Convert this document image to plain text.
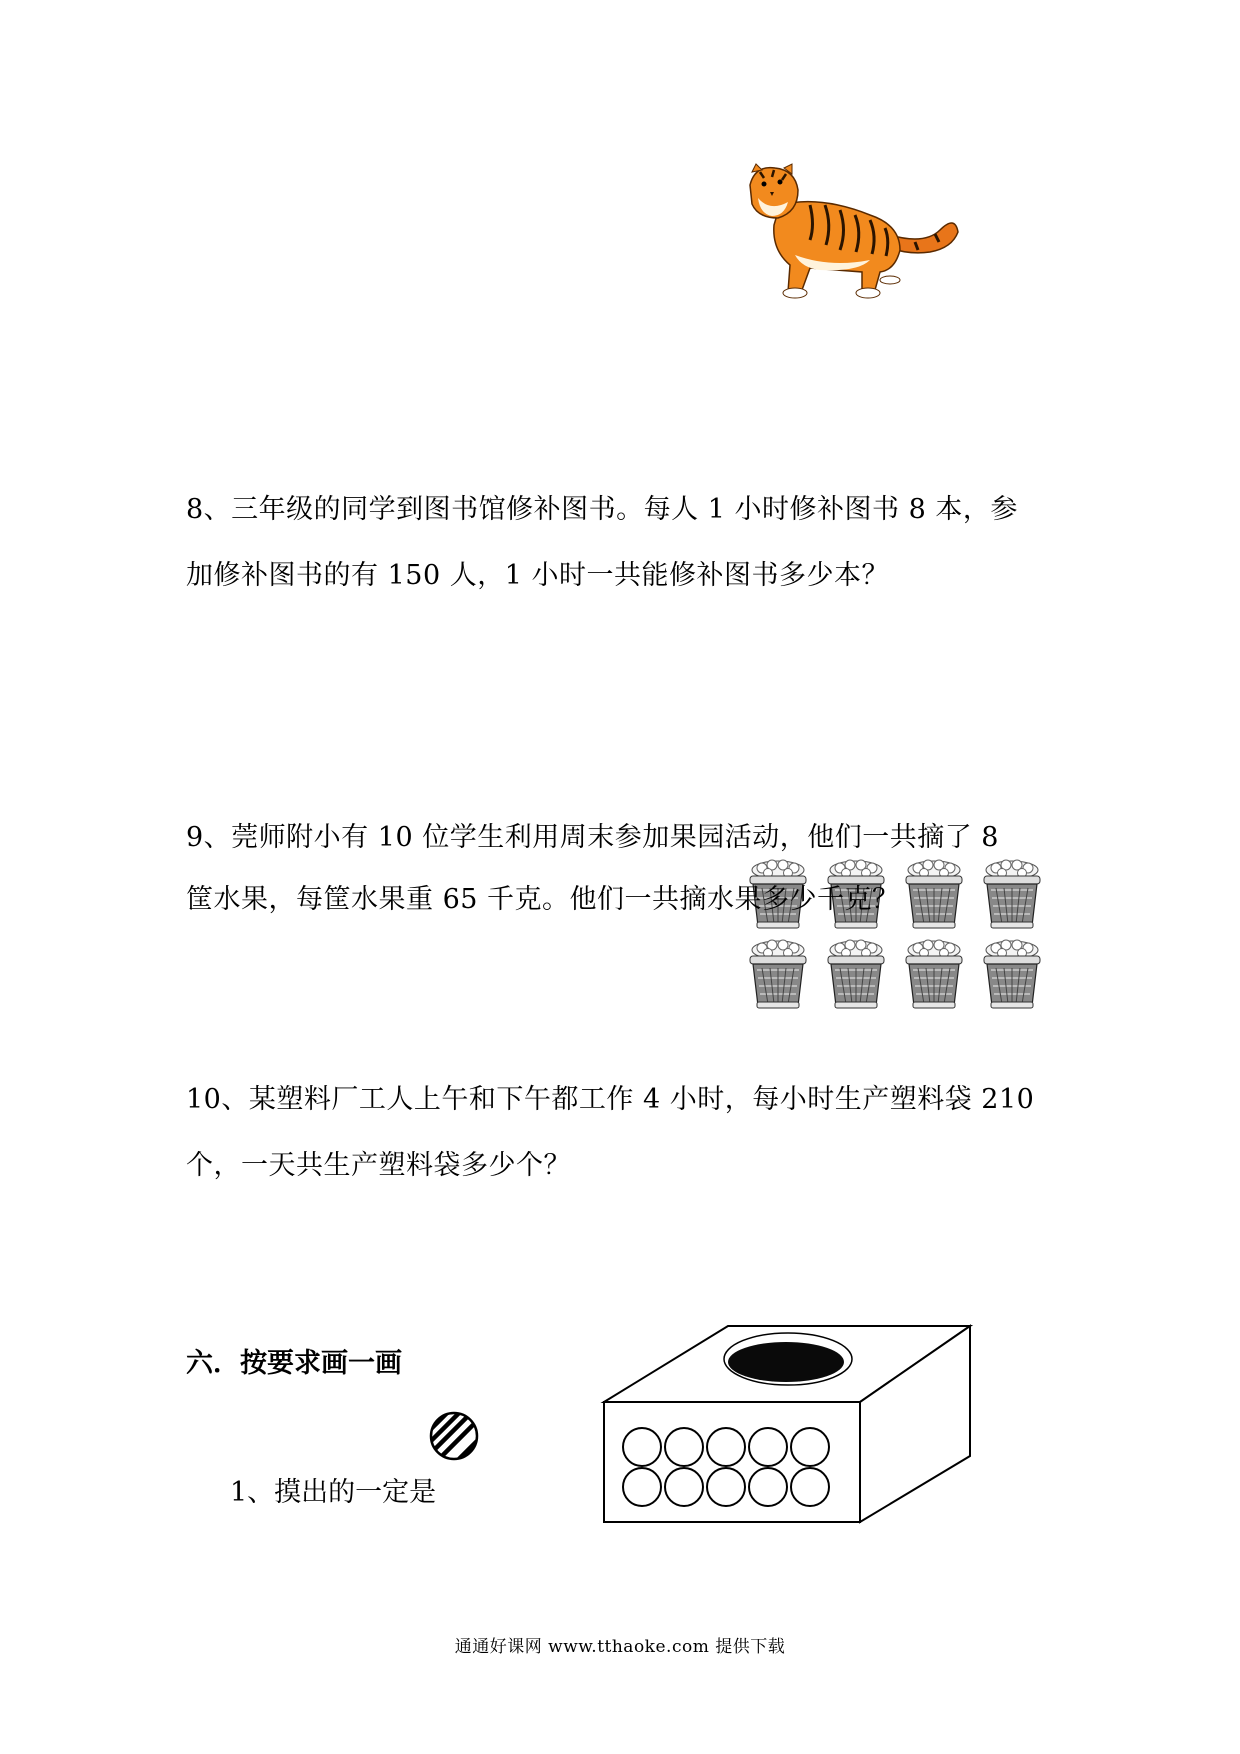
8、三年级的同学到图书馆修补图书。每人 1 小时修补图书 8 本，参
加修补图书的有 150 人，1 小时一共能修补图书多少本？
9、莞师附小有 10 位学生利用周末参加果园活动，他们一共摘了 8
筐水果，每筐水果重 65 千克。他们一共摘水果多少千克？
10、某塑料厂工人上午和下午都工作 4 小时，每小时生产塑料袋 210
个，一天共生产塑料袋多少个？
六．按要求画一画
1、摸出的一定是
通通好课网 www.tthaoke.com 提供下载
